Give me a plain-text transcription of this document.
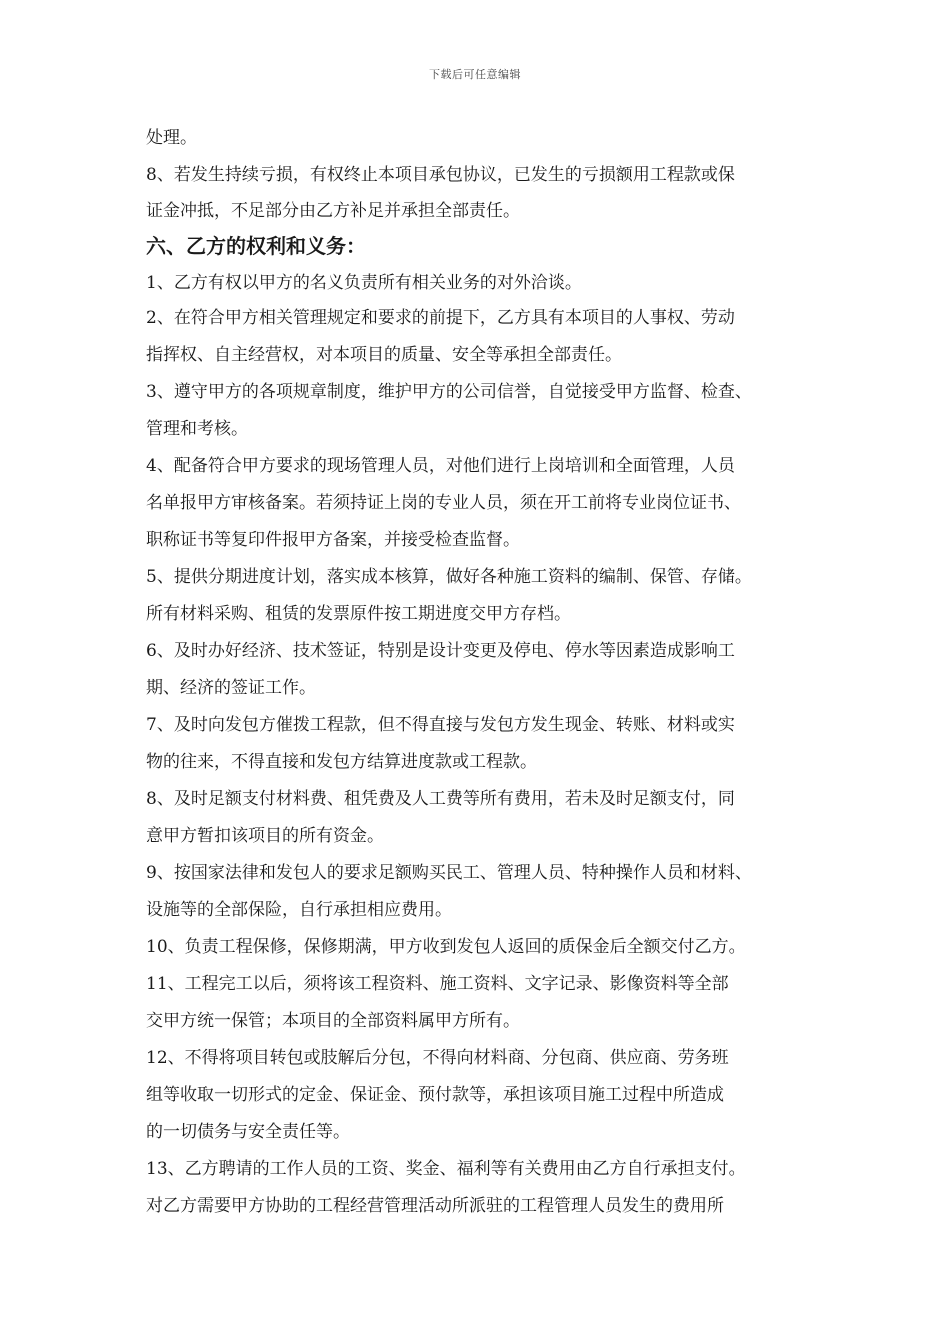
下载后可任意编辑
处理。
8、若发生持续亏损，有权终止本项目承包协议，已发生的亏损额用工程款或保
证金冲抵，不足部分由乙方补足并承担全部责任。
六、乙方的权利和义务：
1、乙方有权以甲方的名义负责所有相关业务的对外洽谈。
2、在符合甲方相关管理规定和要求的前提下，乙方具有本项目的人事权、劳动
指挥权、自主经营权，对本项目的质量、安全等承担全部责任。
3、遵守甲方的各项规章制度，维护甲方的公司信誉，自觉接受甲方监督、检查、
管理和考核。
4、配备符合甲方要求的现场管理人员，对他们进行上岗培训和全面管理，人员
名单报甲方审核备案。若须持证上岗的专业人员，须在开工前将专业岗位证书、
职称证书等复印件报甲方备案，并接受检查监督。
5、提供分期进度计划，落实成本核算，做好各种施工资料的编制、保管、存储。
所有材料采购、租赁的发票原件按工期进度交甲方存档。
6、及时办好经济、技术签证，特别是设计变更及停电、停水等因素造成影响工
期、经济的签证工作。
7、及时向发包方催拨工程款，但不得直接与发包方发生现金、转账、材料或实
物的往来，不得直接和发包方结算进度款或工程款。
8、及时足额支付材料费、租凭费及人工费等所有费用，若未及时足额支付，同
意甲方暂扣该项目的所有资金。
9、按国家法律和发包人的要求足额购买民工、管理人员、特种操作人员和材料、
设施等的全部保险，自行承担相应费用。
10、负责工程保修，保修期满，甲方收到发包人返回的质保金后全额交付乙方。
11、工程完工以后，须将该工程资料、施工资料、文字记录、影像资料等全部
交甲方统一保管；本项目的全部资料属甲方所有。
12、不得将项目转包或肢解后分包，不得向材料商、分包商、供应商、劳务班
组等收取一切形式的定金、保证金、预付款等，承担该项目施工过程中所造成
的一切债务与安全责任等。
13、乙方聘请的工作人员的工资、奖金、福利等有关费用由乙方自行承担支付。
对乙方需要甲方协助的工程经营管理活动所派驻的工程管理人员发生的费用所
